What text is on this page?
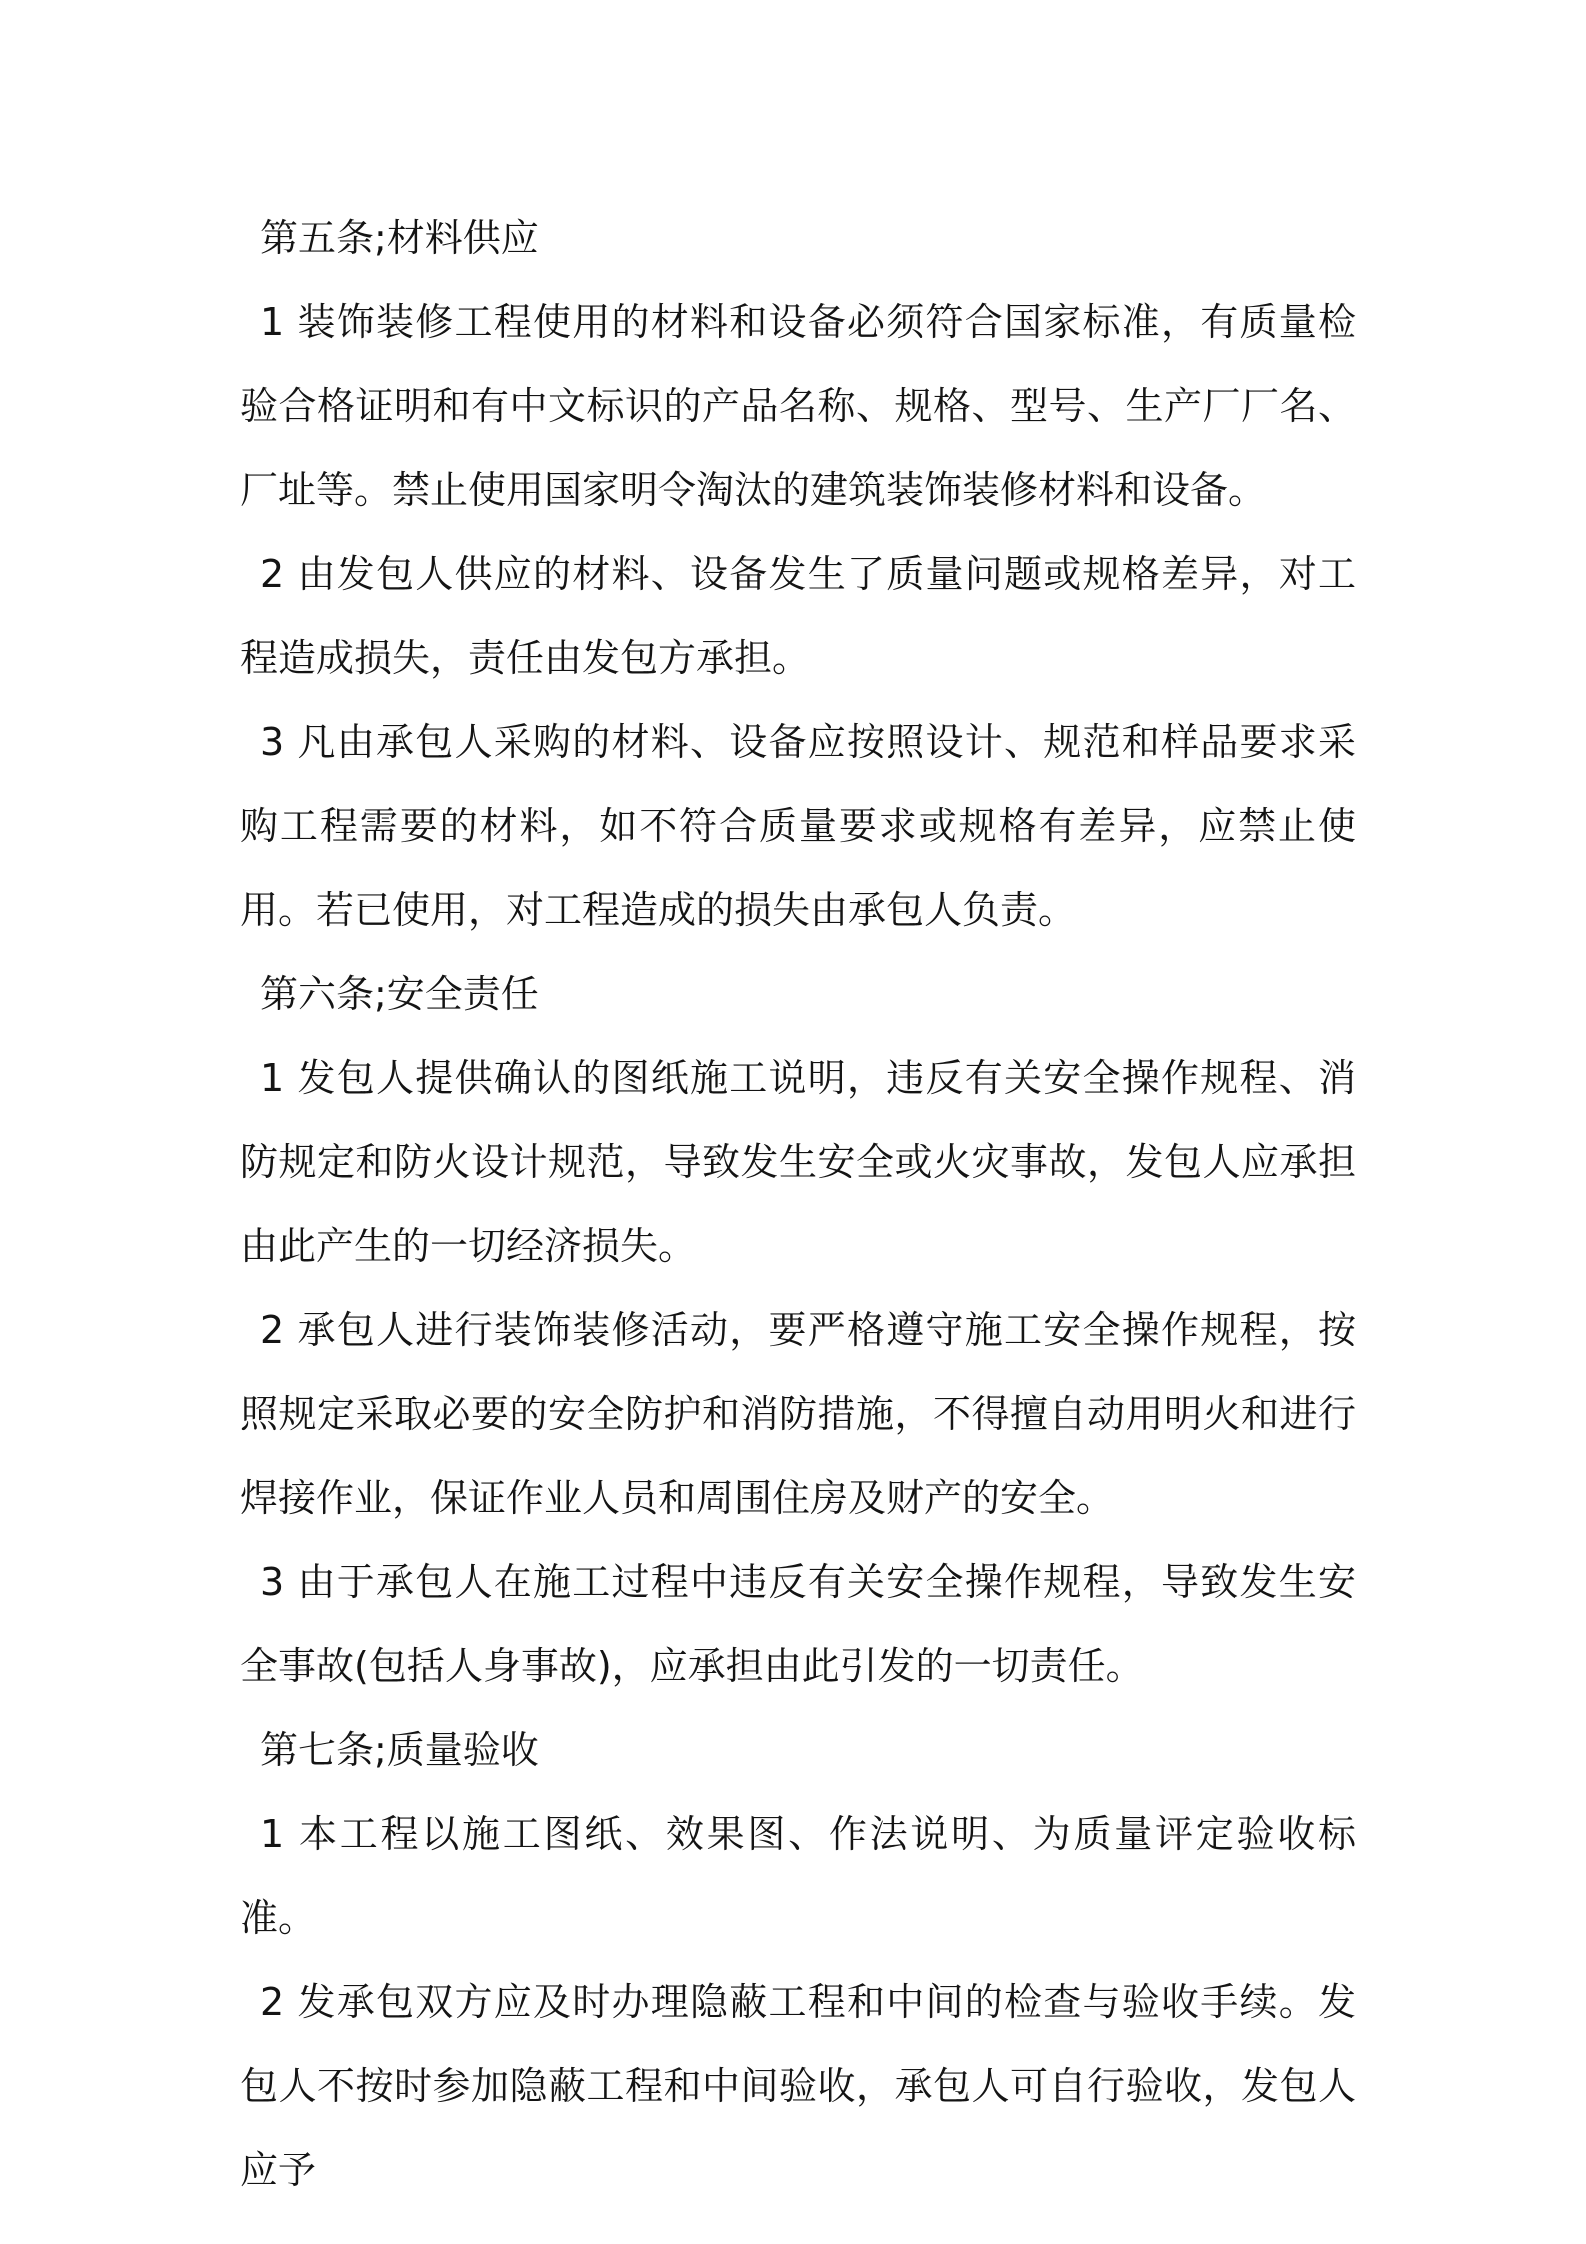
第五条;材料供应

1 装饰装修工程使用的材料和设备必须符合国家标准，有质量检验合格证明和有中文标识的产品名称、规格、型号、生产厂厂名、厂址等。禁止使用国家明令淘汰的建筑装饰装修材料和设备。

2 由发包人供应的材料、设备发生了质量问题或规格差异，对工程造成损失，责任由发包方承担。

3 凡由承包人采购的材料、设备应按照设计、规范和样品要求采购工程需要的材料，如不符合质量要求或规格有差异，应禁止使用。若已使用，对工程造成的损失由承包人负责。

第六条;安全责任

1 发包人提供确认的图纸施工说明，违反有关安全操作规程、消防规定和防火设计规范，导致发生安全或火灾事故，发包人应承担由此产生的一切经济损失。

2 承包人进行装饰装修活动，要严格遵守施工安全操作规程，按照规定采取必要的安全防护和消防措施，不得擅自动用明火和进行焊接作业，保证作业人员和周围住房及财产的安全。

3 由于承包人在施工过程中违反有关安全操作规程，导致发生安全事故(包括人身事故)，应承担由此引发的一切责任。

第七条;质量验收

1 本工程以施工图纸、效果图、作法说明、为质量评定验收标准。

2 发承包双方应及时办理隐蔽工程和中间的检查与验收手续。发包人不按时参加隐蔽工程和中间验收，承包人可自行验收，发包人应予
